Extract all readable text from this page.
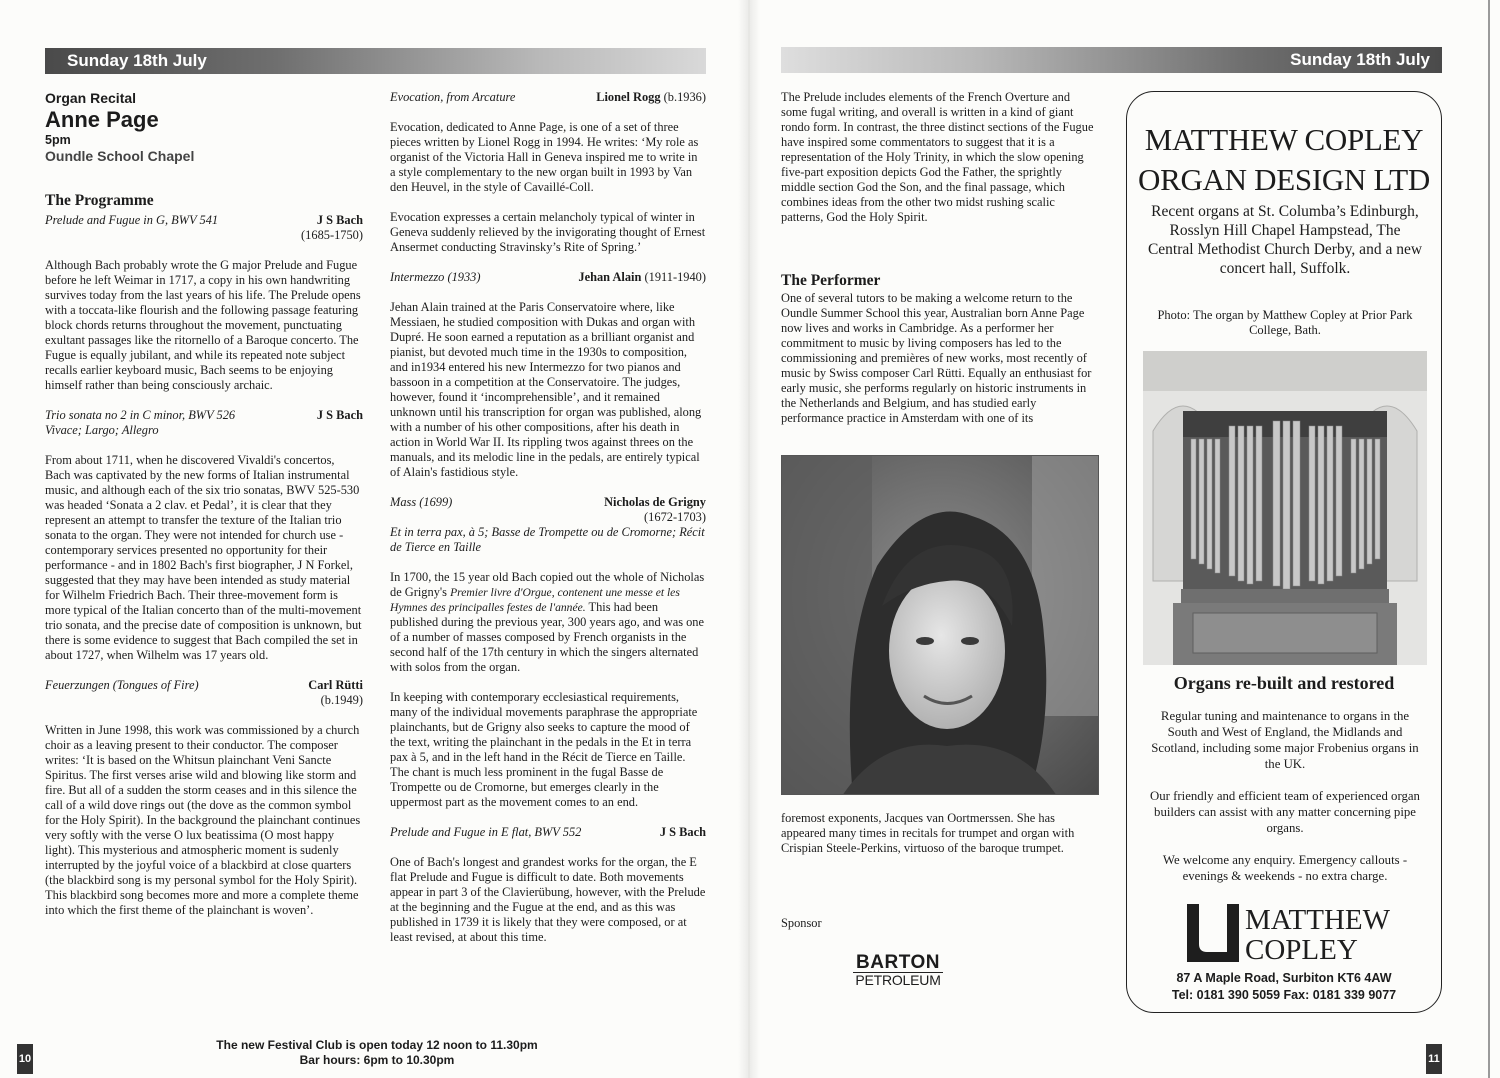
Sunday 18th July	Sunday 18th July
Organ Recital
Anne Page
5pm
Oundle School Chapel
The Programme
Prelude and Fugue in G, BWV 541	J S Bach
(1685-1750)

Although Bach probably wrote the G major Prelude and Fugue before he left Weimar in 1717, a copy in his own handwriting survives today from the last years of his life. The Prelude opens with a toccata-like flourish and the following passage featuring block chords returns throughout the movement, punctuating exultant passages like the ritornello of a Baroque concerto. The Fugue is equally jubilant, and while its repeated note subject recalls earlier keyboard music, Bach seems to be enjoying himself rather than being consciously archaic.

Trio sonata no 2 in C minor, BWV 526	J S Bach
Vivace; Largo; Allegro

From about 1711, when he discovered Vivaldi's concertos, Bach was captivated by the new forms of Italian instrumental music, and although each of the six trio sonatas, BWV 525-530 was headed ‘Sonata a 2 clav. et Pedal’, it is clear that they represent an attempt to transfer the texture of the Italian trio sonata to the organ. They were not intended for church use - contemporary services presented no opportunity for their performance - and in 1802 Bach's first biographer, J N Forkel, suggested that they may have been intended as study material for Wilhelm Friedrich Bach. Their three-movement form is more typical of the Italian concerto than of the multi-movement trio sonata, and the precise date of composition is unknown, but there is some evidence to suggest that Bach compiled the set in about 1727, when Wilhelm was 17 years old.

Feuerzungen (Tongues of Fire)	Carl Rütti
(b.1949)

Written in June 1998, this work was commissioned by a church choir as a leaving present to their conductor. The composer writes: ‘It is based on the Whitsun plainchant Veni Sancte Spiritus. The first verses arise wild and blowing like storm and fire. But all of a sudden the storm ceases and in this silence the call of a wild dove rings out (the dove as the common symbol for the Holy Spirit). In the background the plainchant continues very softly with the verse O lux beatissima (O most happy light). This mysterious and atmospheric moment is sudenly interrupted by the joyful voice of a blackbird at close quarters (the blackbird song is my personal symbol for the Holy Spirit). This blackbird song becomes more and more a complete theme into which the first theme of the plainchant is woven’.

Evocation, from Arcature	Lionel Rogg (b.1936)

Evocation, dedicated to Anne Page, is one of a set of three pieces written by Lionel Rogg in 1994. He writes: ‘My role as organist of the Victoria Hall in Geneva inspired me to write in a style complementary to the new organ built in 1993 by Van den Heuvel, in the style of Cavaillé-Coll.

Evocation expresses a certain melancholy typical of winter in Geneva suddenly relieved by the invigorating thought of Ernest Ansermet conducting Stravinsky’s Rite of Spring.’

Intermezzo (1933)	Jehan Alain (1911-1940)

Jehan Alain trained at the Paris Conservatoire where, like Messiaen, he studied composition with Dukas and organ with Dupré. He soon earned a reputation as a brilliant organist and pianist, but devoted much time in the 1930s to composition, and in1934 entered his new Intermezzo for two pianos and bassoon in a competition at the Conservatoire. The judges, however, found it ‘incomprehensible’, and it remained unknown until his transcription for organ was published, along with a number of his other compositions, after his death in action in World War II. Its rippling twos against threes on the manuals, and its melodic line in the pedals, are entirely typical of Alain's fastidious style.

Mass (1699)	Nicholas de Grigny
(1672-1703)
Et in terra pax, à 5; Basse de Trompette ou de Cromorne; Récit de Tierce en Taille

In 1700, the 15 year old Bach copied out the whole of Nicholas de Grigny's Premier livre d'Orgue, contenent une messe et les Hymnes des principalles festes de l'année. This had been published during the previous year, 300 years ago, and was one of a number of masses composed by French organists in the second half of the 17th century in which the singers alternated with solos from the organ.

In keeping with contemporary ecclesiastical requirements, many of the individual movements paraphrase the appropriate plainchants, but de Grigny also seeks to capture the mood of the text, writing the plainchant in the pedals in the Et in terra pax à 5, and in the left hand in the Récit de Tierce en Taille. The chant is much less prominent in the fugal Basse de Trompette ou de Cromorne, but emerges clearly in the uppermost part as the movement comes to an end.

Prelude and Fugue in E flat, BWV 552	J S Bach

One of Bach's longest and grandest works for the organ, the E flat Prelude and Fugue is difficult to date. Both movements appear in part 3 of the Clavierübung, however, with the Prelude at the beginning and the Fugue at the end, and as this was published in 1739 it is likely that they were composed, or at least revised, at about this time.

The Prelude includes elements of the French Overture and some fugal writing, and overall is written in a kind of giant rondo form. In contrast, the three distinct sections of the Fugue have inspired some commentators to suggest that it is a representation of the Holy Trinity, in which the slow opening five-part exposition depicts God the Father, the sprightly middle section God the Son, and the final passage, which combines ideas from the other two midst rushing scalic patterns, God the Holy Spirit.

The Performer

One of several tutors to be making a welcome return to the Oundle Summer School this year, Australian born Anne Page now lives and works in Cambridge. As a performer her commitment to music by living composers has led to the commissioning and premières of new works, most recently of music by Swiss composer Carl Rütti. Equally an enthusiast for early music, she performs regularly on historic instruments in the Netherlands and Belgium, and has studied early performance practice in Amsterdam with one of its

foremost exponents, Jacques van Oortmerssen. She has appeared many times in recitals for trumpet and organ with Crispian Steele-Perkins, virtuoso of the baroque trumpet.

Sponsor
BARTON
PETROLEUM
MATTHEW COPLEY
ORGAN DESIGN LTD
Recent organs at St. Columba’s Edinburgh, Rosslyn Hill Chapel Hampstead, The Central Methodist Church Derby, and a new concert hall, Suffolk.
Photo: The organ by Matthew Copley at Prior Park College, Bath.
Organs re-built and restored

Regular tuning and maintenance to organs in the South and West of England, the Midlands and Scotland, including some major Frobenius organs in the UK.

Our friendly and efficient team of experienced organ builders can assist with any matter concerning pipe organs.

We welcome any enquiry. Emergency callouts - evenings & weekends - no extra charge.

MATTHEW
COPLEY
87 A Maple Road, Surbiton KT6 4AW
Tel: 0181 390 5059 Fax: 0181 339 9077
The new Festival Club is open today 12 noon to 11.30pm
Bar hours: 6pm to 10.30pm
10	11
